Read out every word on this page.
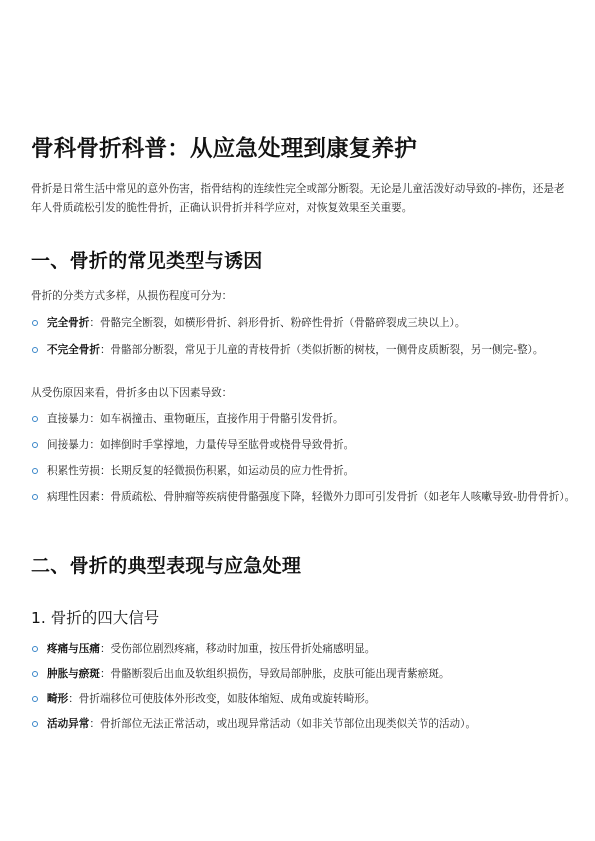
骨科骨折科普：从应急处理到康复养护
骨折是日常生活中常见的意外伤害，指骨结构的连续性完全或部分断裂。无论是儿童活泼好动导致的-摔伤，还是老年人骨质疏松引发的脆性骨折，正确认识骨折并科学应对，对恢复效果至关重要。
一、骨折的常见类型与诱因
骨折的分类方式多样，从损伤程度可分为：
完全骨折：骨骼完全断裂，如横形骨折、斜形骨折、粉碎性骨折（骨骼碎裂成三块以上）。
不完全骨折：骨骼部分断裂，常见于儿童的青枝骨折（类似折断的树枝，一侧骨皮质断裂，另一侧完-整）。
从受伤原因来看，骨折多由以下因素导致：
直接暴力：如车祸撞击、重物砸压，直接作用于骨骼引发骨折。
间接暴力：如摔倒时手掌撑地，力量传导至肱骨或桡骨导致骨折。
积累性劳损：长期反复的轻微损伤积累，如运动员的应力性骨折。
病理性因素：骨质疏松、骨肿瘤等疾病使骨骼强度下降，轻微外力即可引发骨折（如老年人咳嗽导致-肋骨骨折）。
二、骨折的典型表现与应急处理
1. 骨折的四大信号
疼痛与压痛：受伤部位剧烈疼痛，移动时加重，按压骨折处痛感明显。
肿胀与瘀斑：骨骼断裂后出血及软组织损伤，导致局部肿胀，皮肤可能出现青紫瘀斑。
畸形：骨折端移位可使肢体外形改变，如肢体缩短、成角或旋转畸形。
活动异常：骨折部位无法正常活动，或出现异常活动（如非关节部位出现类似关节的活动）。
